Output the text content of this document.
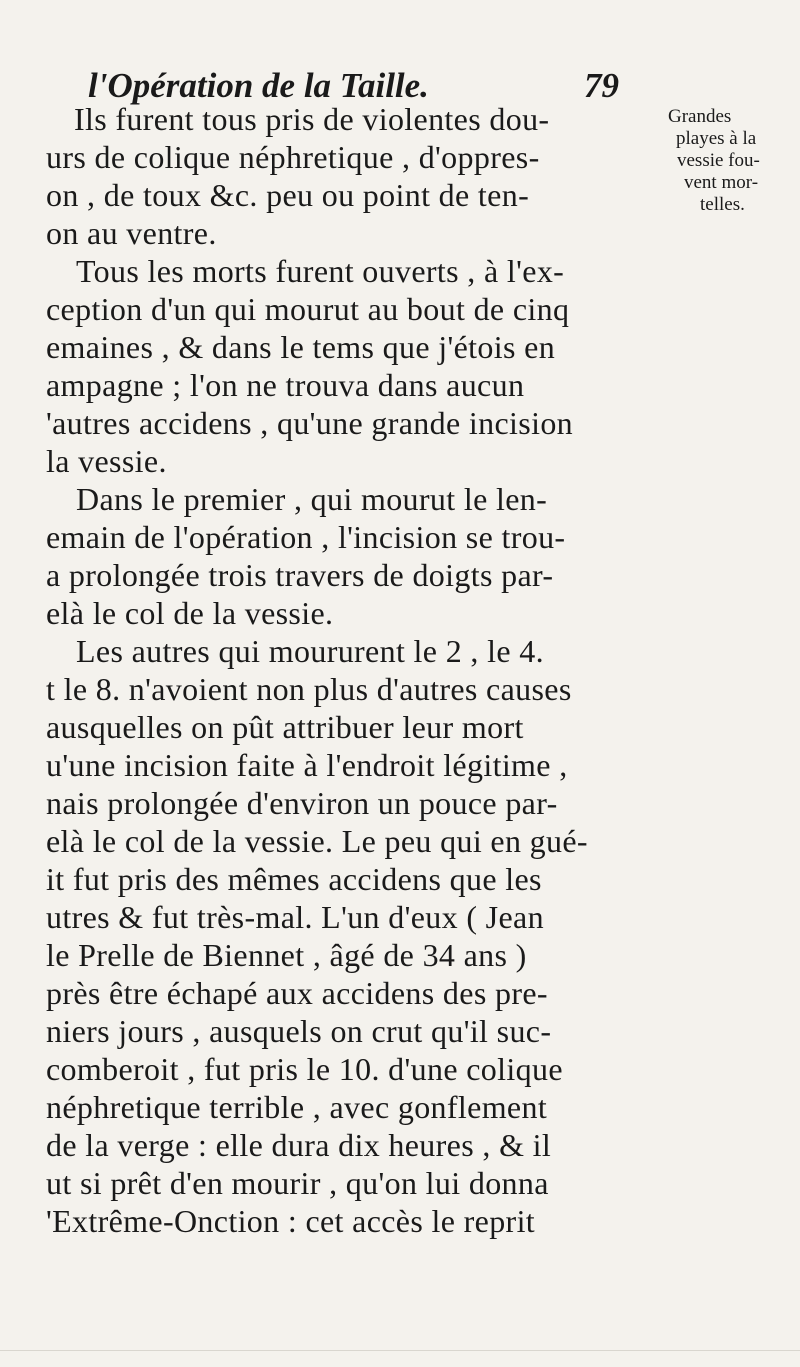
l'Opération de la Taille.	79
Grandes
playes à la
vessie fou-
vent mor-
telles.
Ils furent tous pris de violentes dou-
urs de colique néphretique , d'oppres-
on , de toux &c. peu ou point de ten-
on au ventre.
Tous les morts furent ouverts , à l'ex-
ception d'un qui mourut au bout de cinq
emaines , & dans le tems que j'étois en
ampagne ; l'on ne trouva dans aucun
'autres accidens , qu'une grande incision
la vessie.
Dans le premier , qui mourut le len-
emain de l'opération , l'incision se trou-
a prolongée trois travers de doigts par-
elà le col de la vessie.
Les autres qui moururent le 2 , le 4.
t le 8. n'avoient non plus d'autres causes
ausquelles on pût attribuer leur mort
u'une incision faite à l'endroit légitime ,
nais prolongée d'environ un pouce par-
elà le col de la vessie. Le peu qui en gué-
it fut pris des mêmes accidens que les
utres & fut très-mal. L'un d'eux ( Jean
le Prelle de Biennet , âgé de 34 ans )
près être échapé aux accidens des pre-
niers jours , ausquels on crut qu'il suc-
comberoit , fut pris le 10. d'une colique
néphretique terrible , avec gonflement
de la verge : elle dura dix heures , & il
ut si prêt d'en mourir , qu'on lui donna
'Extrême-Onction : cet accès le reprit
